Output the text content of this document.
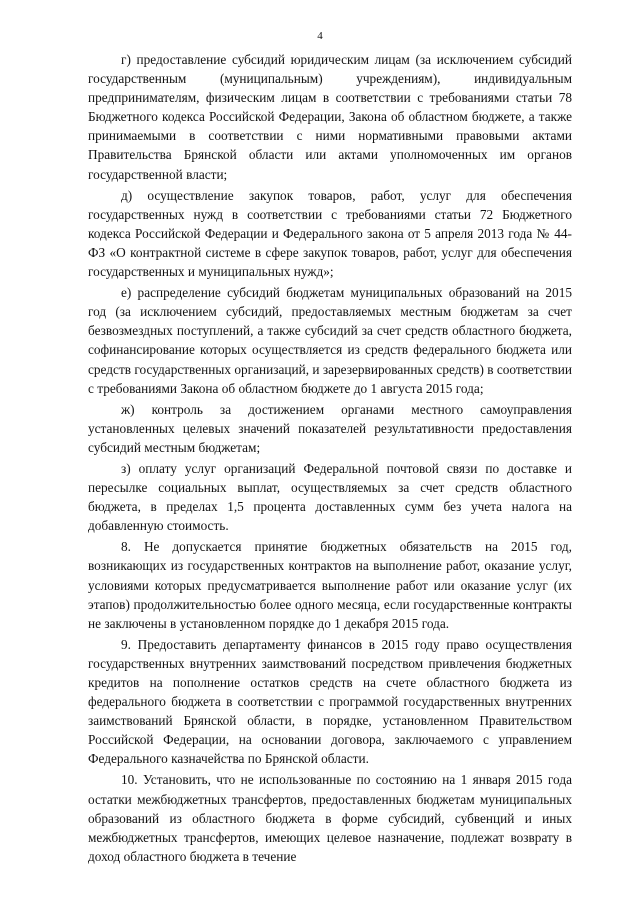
4

г) предоставление субсидий юридическим лицам (за исключением субсидий государственным (муниципальным) учреждениям), индивидуальным предпринимателям, физическим лицам в соответствии с требованиями статьи 78 Бюджетного кодекса Российской Федерации, Закона об областном бюджете, а также принимаемыми в соответствии с ними нормативными правовыми актами Правительства Брянской области или актами уполномоченных им органов государственной власти;

д) осуществление закупок товаров, работ, услуг для обеспечения государственных нужд в соответствии с требованиями статьи 72 Бюджетного кодекса Российской Федерации и Федерального закона от 5 апреля 2013 года № 44-ФЗ «О контрактной системе в сфере закупок товаров, работ, услуг для обеспечения государственных и муниципальных нужд»;

е) распределение субсидий бюджетам муниципальных образований на 2015 год (за исключением субсидий, предоставляемых местным бюджетам за счет безвозмездных поступлений, а также субсидий за счет средств областного бюджета, софинансирование которых осуществляется из средств федерального бюджета или средств государственных организаций, и зарезервированных средств) в соответствии с требованиями Закона об областном бюджете до 1 августа 2015 года;

ж) контроль за достижением органами местного самоуправления установленных целевых значений показателей результативности предоставления субсидий местным бюджетам;

з) оплату услуг организаций Федеральной почтовой связи по доставке и пересылке социальных выплат, осуществляемых за счет средств областного бюджета, в пределах 1,5 процента доставленных сумм без учета налога на добавленную стоимость.

8. Не допускается принятие бюджетных обязательств на 2015 год, возникающих из государственных контрактов на выполнение работ, оказание услуг, условиями которых предусматривается выполнение работ или оказание услуг (их этапов) продолжительностью более одного месяца, если государственные контракты не заключены в установленном порядке до 1 декабря 2015 года.

9. Предоставить департаменту финансов в 2015 году право осуществления государственных внутренних заимствований посредством привлечения бюджетных кредитов на пополнение остатков средств на счете областного бюджета из федерального бюджета в соответствии с программой государственных внутренних заимствований Брянской области, в порядке, установленном Правительством Российской Федерации, на основании договора, заключаемого с управлением Федерального казначейства по Брянской области.

10. Установить, что не использованные по состоянию на 1 января 2015 года остатки межбюджетных трансфертов, предоставленных бюджетам муниципальных образований из областного бюджета в форме субсидий, субвенций и иных межбюджетных трансфертов, имеющих целевое назначение, подлежат возврату в доход областного бюджета в течение
